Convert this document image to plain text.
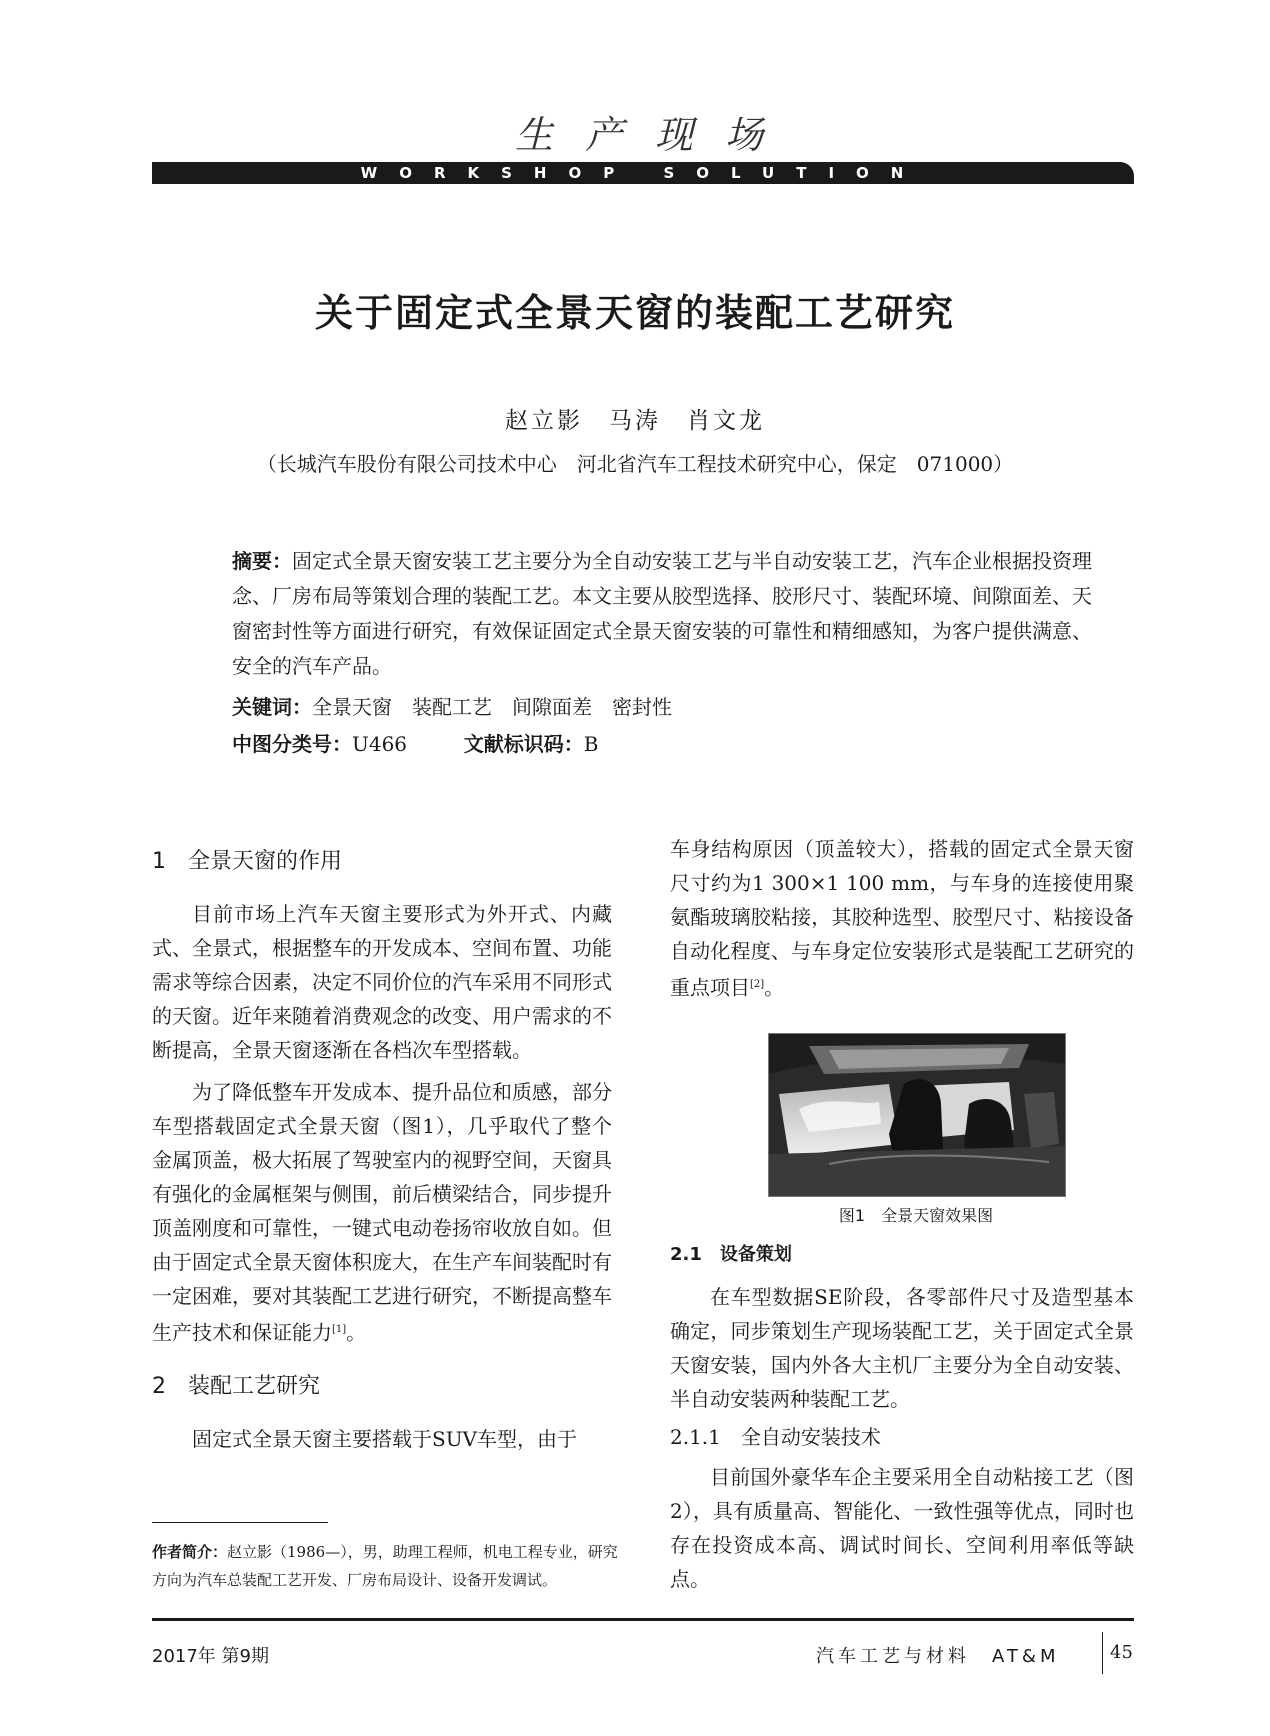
生产现场
WORKSHOP SOLUTION
关于固定式全景天窗的装配工艺研究
赵立影　马涛　肖文龙
（长城汽车股份有限公司技术中心　河北省汽车工程技术研究中心，保定　071000）
摘要：固定式全景天窗安装工艺主要分为全自动安装工艺与半自动安装工艺，汽车企业根据投资理念、厂房布局等策划合理的装配工艺。本文主要从胶型选择、胶形尺寸、装配环境、间隙面差、天窗密封性等方面进行研究，有效保证固定式全景天窗安装的可靠性和精细感知，为客户提供满意、安全的汽车产品。
关键词：全景天窗　装配工艺　间隙面差　密封性
中图分类号：U466	文献标识码：B
1　全景天窗的作用

目前市场上汽车天窗主要形式为外开式、内藏式、全景式，根据整车的开发成本、空间布置、功能需求等综合因素，决定不同价位的汽车采用不同形式的天窗。近年来随着消费观念的改变、用户需求的不断提高，全景天窗逐渐在各档次车型搭载。

为了降低整车开发成本、提升品位和质感，部分车型搭载固定式全景天窗（图1），几乎取代了整个金属顶盖，极大拓展了驾驶室内的视野空间，天窗具有强化的金属框架与侧围，前后横梁结合，同步提升顶盖刚度和可靠性，一键式电动卷扬帘收放自如。但由于固定式全景天窗体积庞大，在生产车间装配时有一定困难，要对其装配工艺进行研究，不断提高整车生产技术和保证能力[1]。

2　装配工艺研究

固定式全景天窗主要搭载于SUV车型，由于

车身结构原因（顶盖较大），搭载的固定式全景天窗尺寸约为1 300×1 100 mm，与车身的连接使用聚氨酯玻璃胶粘接，其胶种选型、胶型尺寸、粘接设备自动化程度、与车身定位安装形式是装配工艺研究的重点项目[2]。

图1　全景天窗效果图
2.1　设备策划

在车型数据SE阶段，各零部件尺寸及造型基本确定，同步策划生产现场装配工艺，关于固定式全景天窗安装，国内外各大主机厂主要分为全自动安装、半自动安装两种装配工艺。

2.1.1　全自动安装技术

目前国外豪华车企主要采用全自动粘接工艺（图2），具有质量高、智能化、一致性强等优点，同时也存在投资成本高、调试时间长、空间利用率低等缺点。

作者简介：赵立影（1986—），男，助理工程师，机电工程专业，研究方向为汽车总装配工艺开发、厂房布局设计、设备开发调试。
2017年 第9期	汽车工艺与材料　AT&M	45
